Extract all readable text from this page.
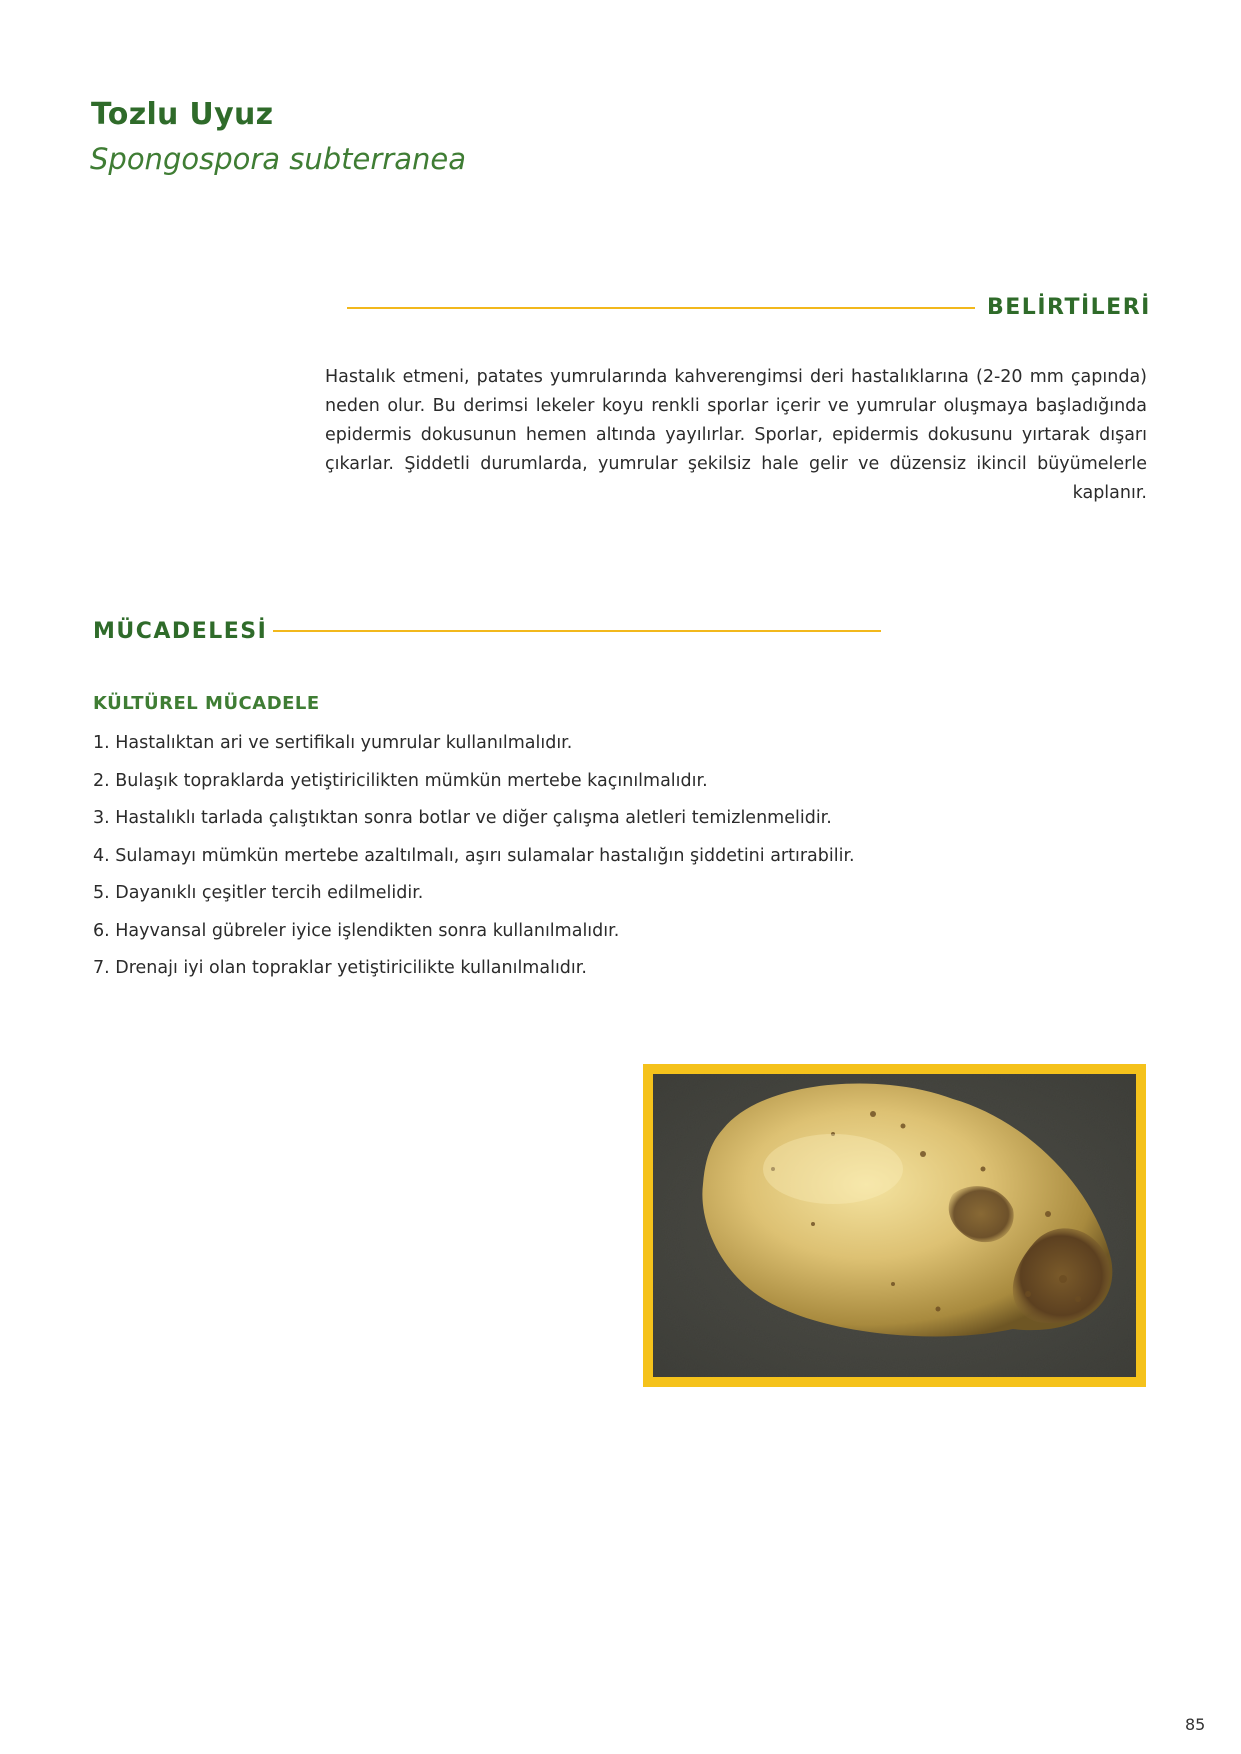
Tozlu Uyuz
Spongospora subterranea
BELİRTİLERİ

Hastalık etmeni, patates yumrularında kahverengimsi deri hastalıklarına (2-20 mm çapında) neden olur. Bu derimsi lekeler koyu renkli sporlar içerir ve yumrular oluşmaya başladığında epidermis dokusunun hemen altında yayılırlar. Sporlar, epidermis dokusunu yırtarak dışarı çıkarlar. Şiddetli durumlarda, yumrular şekilsiz hale gelir ve düzensiz ikincil büyümelerle kaplanır.

MÜCADELESİ
KÜLTÜREL MÜCADELE
1. Hastalıktan ari ve sertifikalı yumrular kullanılmalıdır.
2. Bulaşık topraklarda yetiştiricilikten mümkün mertebe kaçınılmalıdır.
3. Hastalıklı tarlada çalıştıktan sonra botlar ve diğer çalışma aletleri temizlenmelidir.
4. Sulamayı mümkün mertebe azaltılmalı, aşırı sulamalar hastalığın şiddetini artırabilir.
5. Dayanıklı çeşitler tercih edilmelidir.
6. Hayvansal gübreler iyice işlendikten sonra kullanılmalıdır.
7. Drenajı iyi olan topraklar yetiştiricilikte kullanılmalıdır.

85
